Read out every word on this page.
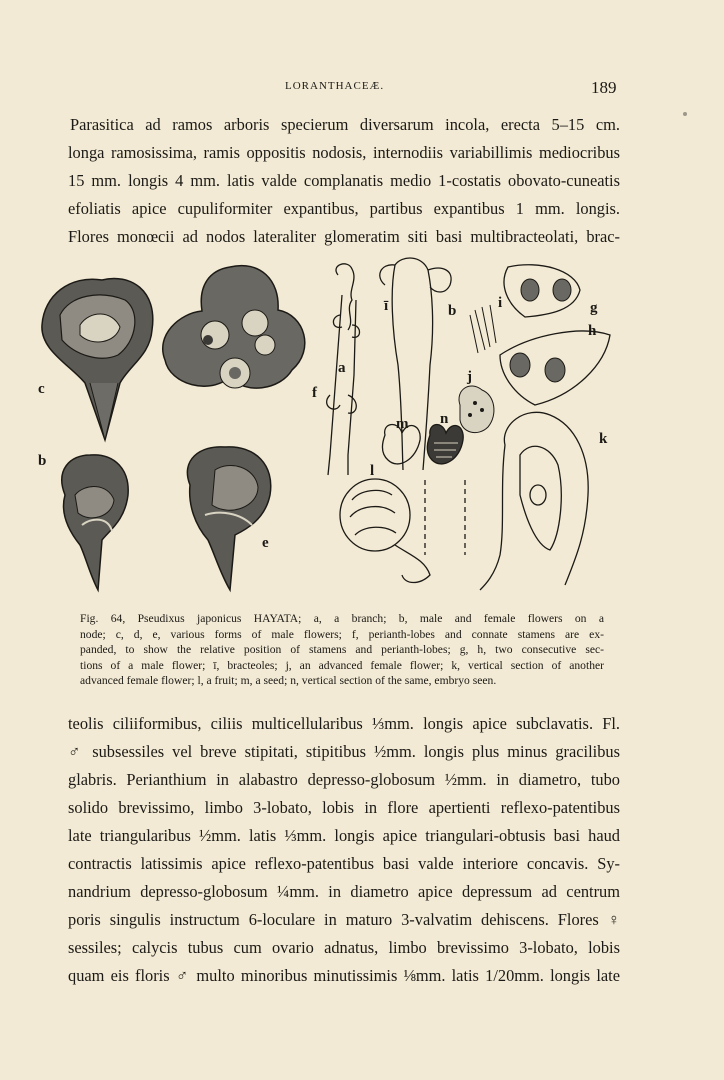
LORANTHACEÆ.	189
Parasitica ad ramos arboris specierum diversarum incola, erecta 5–15 cm.
longa ramosissima, ramis oppositis nodosis, internodiis variabillimis mediocribus
15 mm. longis 4 mm. latis valde complanatis medio 1-costatis obovato-cuneatis
efoliatis apice cupuliformiter expantibus, partibus expantibus 1 mm. longis.
Flores monœcii ad nodos lateraliter glomeratim siti basi multibracteolati, brac-
c
b
f
e
a
b	g
h
i
j
m n
k
l
ī
Fig. 64, Pseudixus japonicus HAYATA; a, a branch; b, male and female flowers on a
node; c, d, e, various forms of male flowers; f, perianth-lobes and connate stamens are ex-
panded, to show the relative position of stamens and perianth-lobes; g, h, two consecutive sec-
tions of a male flower; ī, bracteoles; j, an advanced female flower; k, vertical section of another
advanced female flower; l, a fruit; m, a seed; n, vertical section of the same, embryo seen.
teolis ciliiformibus, ciliis multicellularibus ⅓mm. longis apice subclavatis. Fl.
♂ subsessiles vel breve stipitati, stipitibus ½mm. longis plus minus gracilibus
glabris. Perianthium in alabastro depresso-globosum ½mm. in diametro, tubo
solido brevissimo, limbo 3-lobato, lobis in flore apertienti reflexo-patentibus
late triangularibus ½mm. latis ⅓mm. longis apice triangulari-obtusis basi haud
contractis latissimis apice reflexo-patentibus basi valde interiore concavis. Sy-
nandrium depresso-globosum ¼mm. in diametro apice depressum ad centrum
poris singulis instructum 6-loculare in maturo 3-valvatim dehiscens. Flores ♀
sessiles; calycis tubus cum ovario adnatus, limbo brevissimo 3-lobato, lobis
quam eis floris ♂ multo minoribus minutissimis ⅛mm. latis 1/20mm. longis late
